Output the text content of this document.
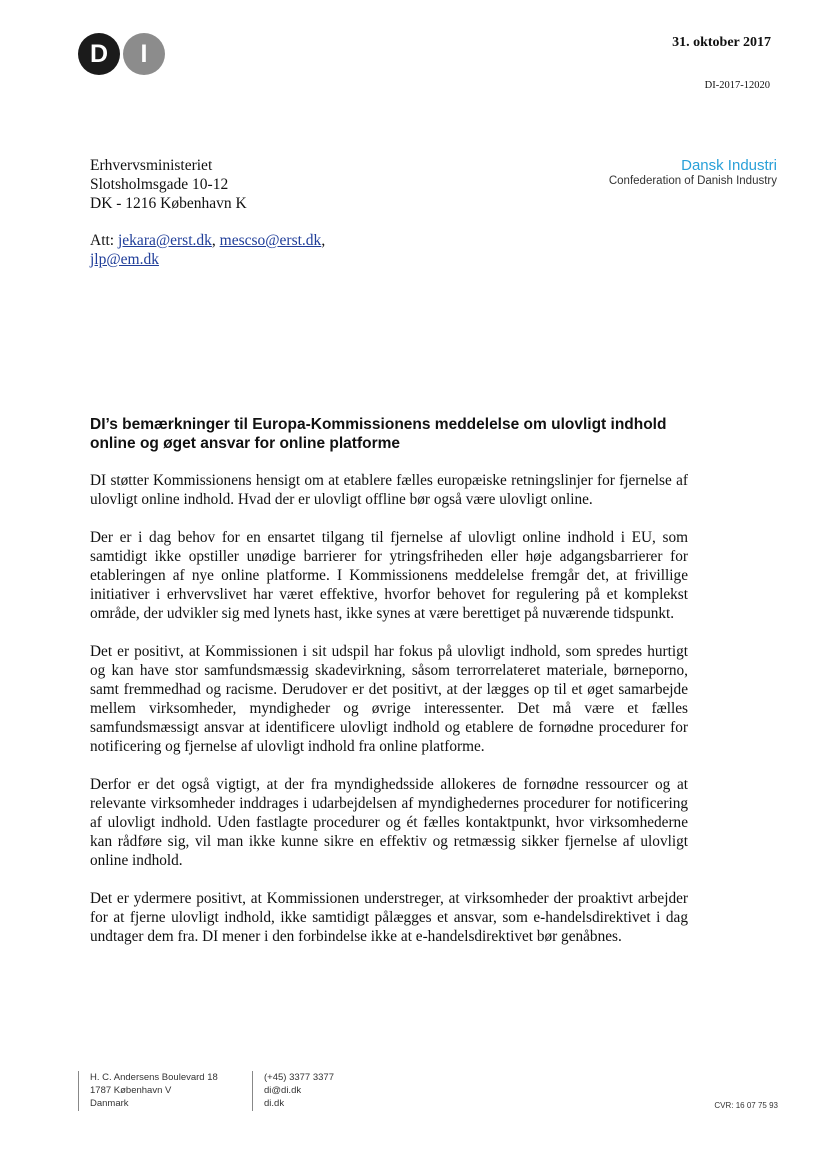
D	I	31. oktober 2017
DI-2017-12020
Dansk Industri
Confederation of Danish Industry
Erhvervsministeriet
Slotsholmsgade 10-12
DK - 1216 København K
Att: jekara@erst.dk, mescso@erst.dk,
jlp@em.dk
DI’s bemærkninger til Europa-Kommissionens meddelelse om ulovligt indhold online og øget ansvar for online platforme

DI støtter Kommissionens hensigt om at etablere fælles europæiske retningslinjer for fjernelse af ulovligt online indhold. Hvad der er ulovligt offline bør også være ulovligt online.

Der er i dag behov for en ensartet tilgang til fjernelse af ulovligt online indhold i EU, som samtidigt ikke opstiller unødige barrierer for ytringsfriheden eller høje adgangsbarrierer for etableringen af nye online platforme. I Kommissionens meddelelse fremgår det, at frivillige initiativer i erhvervslivet har været effektive, hvorfor behovet for regulering på et komplekst område, der udvikler sig med lynets hast, ikke synes at være berettiget på nuværende tidspunkt.

Det er positivt, at Kommissionen i sit udspil har fokus på ulovligt indhold, som spredes hurtigt og kan have stor samfundsmæssig skadevirkning, såsom terrorrelateret materiale, børneporno, samt fremmedhad og racisme. Derudover er det positivt, at der lægges op til et øget samarbejde mellem virksomheder, myndigheder og øvrige interessenter. Det må være et fælles samfundsmæssigt ansvar at identificere ulovligt indhold og etablere de fornødne procedurer for notificering og fjernelse af ulovligt indhold fra online platforme.

Derfor er det også vigtigt, at der fra myndighedsside allokeres de fornødne ressourcer og at relevante virksomheder inddrages i udarbejdelsen af myndighedernes procedurer for notificering af ulovligt indhold. Uden fastlagte procedurer og ét fælles kontaktpunkt, hvor virksomhederne kan rådføre sig, vil man ikke kunne sikre en effektiv og retmæssig sikker fjernelse af ulovligt online indhold.

Det er ydermere positivt, at Kommissionen understreger, at virksomheder der proaktivt arbejder for at fjerne ulovligt indhold, ikke samtidigt pålægges et ansvar, som e-handelsdirektivet i dag undtager dem fra. DI mener i den forbindelse ikke at e-handelsdirektivet bør genåbnes.

H. C. Andersens Boulevard 18
1787 København V
Danmark
(+45) 3377 3377
di@di.dk
di.dk	CVR: 16 07 75 93
